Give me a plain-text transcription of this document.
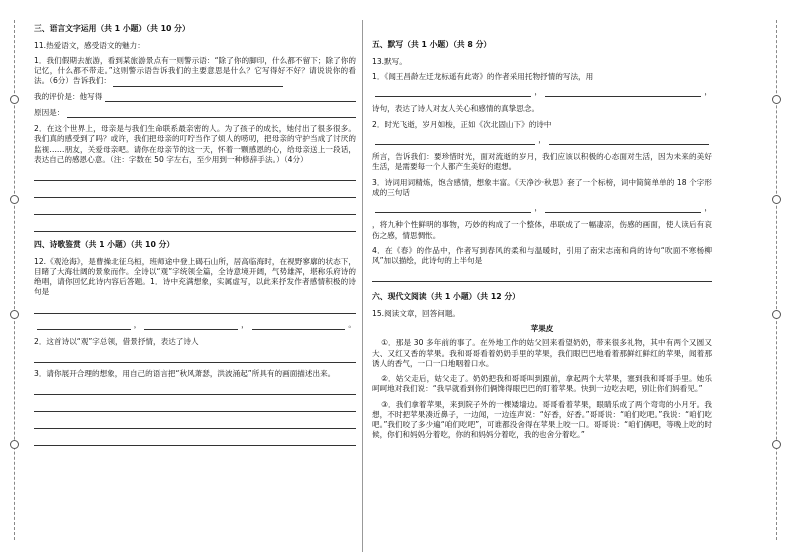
三、语言文字运用（共 1 小题）（共 10 分）
11.热爱语文，感受语文的魅力：
1．我们假期去旅游，看到某旅游景点有一则警示语：“除了你的脚印，什么都不留下；除了你的记忆，什么都不带走。”这则警示语告诉我们的主要意思是什么？它写得好不好？请说说你的看法。（6分）告诉我们：
我的评价是：他写得
原因是：
2．在这个世界上，母亲是与我们生命联系最亲密的人。为了孩子的成长，她付出了很多很多。我们真的感受到了吗？或许，我们把母亲的叮咛当作了烦人的唠叨，把母亲的守护当成了讨厌的监视……朋友，关爱母亲吧。请你在母亲节的这一天，怀着一颗感恩的心，给母亲送上一段话，表达自己的感恩心意。（注：字数在 50 字左右，至少用到一种修辞手法。）（4分）
四、诗歌鉴赏（共 1 小题）（共 10 分）
12.《观沧海》，是曹操北征乌桓，班师途中登上碣石山所，居高临海时，在视野寥廓的状态下，目睹了大海壮阔的景象而作。全诗以“观”字统领全篇，全诗意境开阔，气势雄浑，堪称乐府诗的绝唱，请你回忆此诗内容后答题。1．诗中充满想象，实属虚写，以此来抒发作者感情积极的诗句是
，	，	。
2．这首诗以“观”字总领，借景抒情，表达了诗人
3．请你展开合理的想象，用自己的语言把“秋风萧瑟，洪波涌起”所具有的画面描述出来。
五、默写（共 1 小题）（共 8 分）
13.默写。
1．《闻王昌龄左迁龙标遥有此寄》的作者采用托物抒情的写法，用
，	，
诗句，表达了诗人对友人关心和感情的真挚思念。
2．时光飞逝，岁月如梭，正如《次北固山下》的诗中
，
所言，告诉我们：要珍惜时光，面对流逝的岁月，我们应该以积极的心态面对生活，因为未来的美好生活，是需要每一个人都产生美好的遐想。
3．诗词用词精炼，饱含感情，想象丰富。《天净沙·秋思》套了一个标榜，词中简简单单的 18 个字形成的三句话
，	，
，将九种个性鲜明的事物，巧妙的构成了一个整体，串联成了一幅凄凉，伤感的画面，使人读后有哀伤之感，情思惆怅。
4．在《春》的作品中，作者写到春风的柔和与温暖时，引用了南宋志南和尚的诗句“吹面不寒杨柳风”加以描绘，此诗句的上半句是
六、现代文阅读（共 1 小题）（共 12 分）
15.阅读文章，回答问题。
苹果皮
①．那是 30 多年前的事了。在外地工作的姑父回来看望奶奶，带来很多礼物，其中有两个又圆又大、又红又香的苹果。我和哥哥看着奶奶手里的苹果，我们眼巴巴地看着那鲜红鲜红的苹果，闻着那诱人的香气，一口一口地咽着口水。
②．姑父走后，姑父走了。奶奶把我和哥哥叫到跟前，拿起两个大苹果，塞到我和哥哥手里。她乐呵呵地对我们说：“我早就看到你们俩馋得眼巴巴的盯着苹果。快到一边吃去吧，别让你们妈看见。”
③．我们拿着苹果，来到院子外的一棵矮墙边。哥哥看着苹果，眼睛乐成了两个弯弯的小月牙。我想，不时把苹果凑近鼻子，一边闻，一边连声说：“好香，好香。”哥哥说：“咱们吃吧。”我说：“咱们吃吧。”我们咬了多少遍“咱们吃吧”，可谁都没舍得在苹果上咬一口。哥哥说：“咱们俩吧，等晚上吃的时候，你们和妈妈分着吃，你的和妈妈分着吃，我的也舍分着吃。”
